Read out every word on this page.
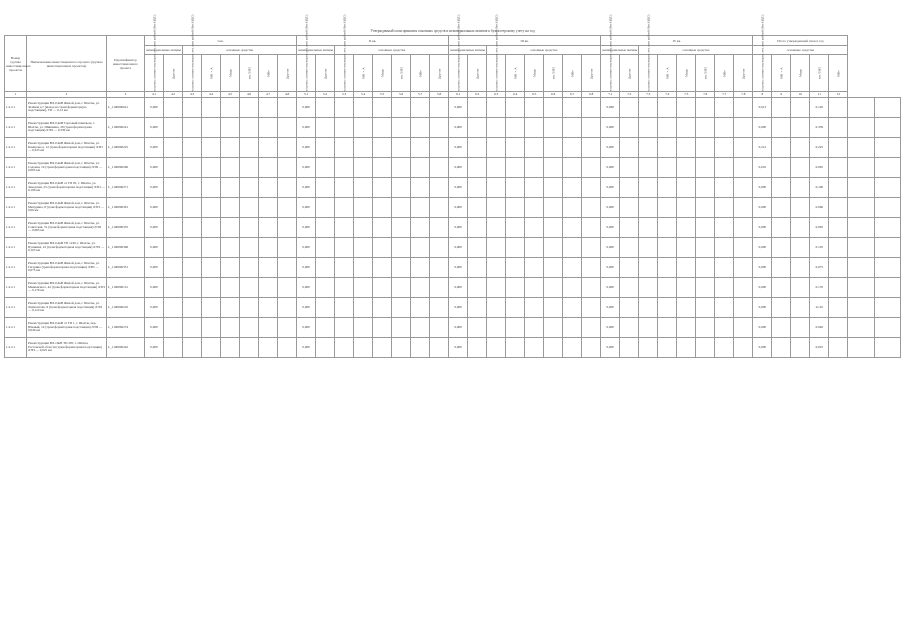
Утвержденный план принятия основных средств и нематериальных активов к бухгалтерскому учету на год
Номер группы инвестиционных проектов	Наименование инвестиционного проекта (группы инвестиционных проектов)	Идентификатор инвестиционного проекта	I кв.								II кв.								III кв.								IV кв.								Итого утвержденный план в год						
			нематериальные активы		основные средства						нематериальные активы		основные средства						нематериальные активы		основные средства						нематериальные активы		основные средства						основные средства						
			в ценах соответствующих лет, млн рублей (без НДС)	Другое	в ценах соответствующих лет, млн рублей (без НДС)	МВ×А	Мвар	км ЛЭП	МВт	Другое	в ценах соответствующих лет, млн рублей (без НДС)	Другое	в ценах соответствующих лет, млн рублей (без НДС)	МВ×А	Мвар	км ЛЭП	МВт	Другое	в ценах соответствующих лет, млн рублей (без НДС)	Другое	в ценах соответствующих лет, млн рублей (без НДС)	МВ×А	Мвар	км ЛЭП	МВт	Другое	в ценах соответствующих лет, млн рублей (без НДС)	Другое	в ценах соответствующих лет, млн рублей (без НДС)	МВ×А	Мвар	км ЛЭП	МВт	Другое	в ценах соответствующих лет, млн рублей (без НДС)	МВ×А	Мвар	км ЛЭП	МВт		
1	2	3	4.1	4.2	4.3	4.4	4.5	4.6	4.7	4.8	5.1	5.2	5.3	5.4	5.5	5.6	5.7	5.8	6.1	6.2	6.3	6.4	6.5	6.6	6.7	6.8	7.1	7.2	7.3	7.4	7.5	7.6	7.7	7.8	8	9	10	11	12		
1.2.2.1	Реконструкция ВЛ-0,4кВ Жилой дом, г. Шахты, ул. Зелёная д.7 (выход на трансформаторную подстанцию), ТП — 0,12 км	L_1100000621	0,060								0,060								0,060								0,060								0,613			0,120			
1.2.2.1	Реконструкция ВЛ-0,4кВ Торговый павильон, г. Шахты, ул. Шишкина, 28 (трансформаторная подстанция) ЛЭП — 0,339 км	L_1100006241	0,000								0,000								0,000								0,000								0,000			0,339			
1.2.2.1	Реконструкция ВЛ-0,4кВ Жилой дом, г. Шахты, ул. Комарова д. 12 (трансформаторная подстанция) ЛЭП — 0,225 км	L_1100006225	0,000								0,000								0,000								0,000								0,212			0,225			
1.2.2.1	Реконструкция ВЛ-0,4кВ Жилой дом, г. Шахты, ул. Садовая, 19 (трансформаторная подстанция) ЛЭП — 0,065 км	L_1100006266	0,000								0,000								0,000								0,000								0,016			0,065			
1.2.2.1	Реконструкция ВЛ-0,4кВ от ТП 95, г. Шахты, ул. Заводская, 25 (трансформаторная подстанция) ЛЭП — 0,190 км	L_1100006271	0,000								0,000								0,000								0,000								0,000			0,190			
1.2.2.1	Реконструкция ВЛ-0,4кВ Жилой дом, г. Шахты, ул. Мичурина, 8 (трансформаторная подстанция) ЛЭП — 0,06 км	L_1100006301	0,000								0,000								0,000								0,000								0,000			0,060			
1.2.2.1	Реконструкция ВЛ-0,4кВ Жилой дом, г. Шахты, ул. Советская, 31 (трансформаторная подстанция) ЛЭП — 0,065 км	L_1100006335	0,000								0,000								0,000								0,000								0,000			0,065			
1.2.2.1	Реконструкция ВЛ-0,4кВ ТП 1240, г. Шахты, ул. Пушкина, 22 (трансформаторная подстанция) ЛЭП — 0,105 км	L_1100006366	0,000								0,000								0,000								0,000								0,000			0,105			
1.2.2.1	Реконструкция ВЛ-0,4кВ Жилой дом, г. Шахты, ул. Гагарина (трансформаторная подстанция) ЛЭП — 0,075 км	L_1100006351	0,000								0,000								0,000								0,000								0,000			0,075			
1.2.2.1	Реконструкция ВЛ-0,4кВ Жилой дом, г. Шахты, ул. Маяковского, 42 (трансформаторная подстанция) ЛЭП — 0,176 км	L_1100006112	0,000								0,000								0,000								0,000								0,000			0,176			
1.2.2.1	Реконструкция ВЛ-0,4кВ Жилой дом, г. Шахты, ул. Лермонтова, 9 (трансформаторная подстанция) ЛЭП — 0,110 км	L_1100006216	0,000								0,000								0,000								0,000								0,000			0,110			
1.2.2.1	Реконструкция ВЛ-0,4кВ от ТП 1, г. Шахты, пер. Южный, 14 (трансформаторная подстанция) ЛЭП — 0,040 км	L_1100006274	0,000								0,000								0,000								0,000								0,000			0,040			
1.2.2.1	Реконструкция ВЛ-10кВ ТП 295, г. Шахты, Ростовской области (трансформаторная подстанция) ЛЭП — 0,025 км	L_1100006242	0,000								0,000								0,000								0,000								0,000			0,025			
